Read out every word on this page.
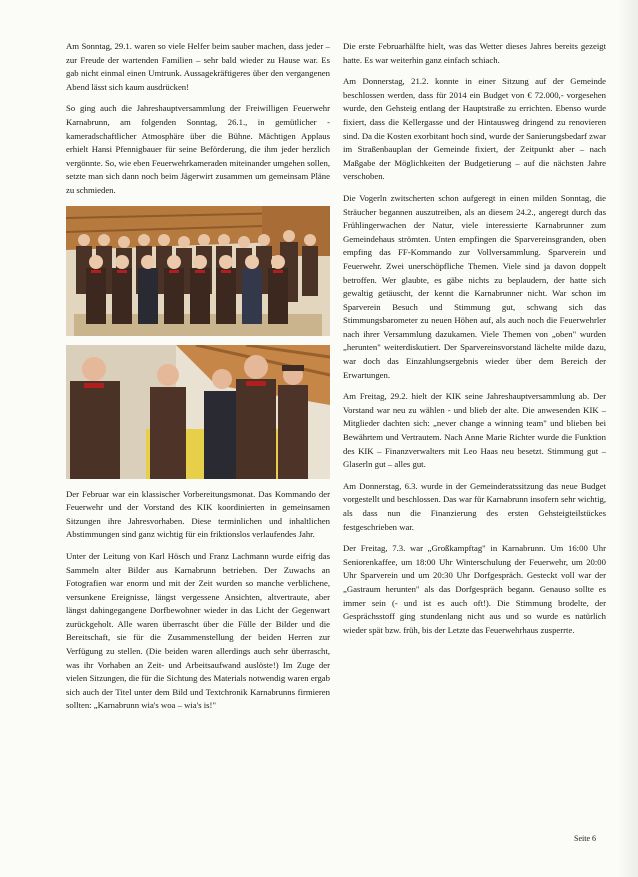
Am Sonntag, 29.1. waren so viele Helfer beim sauber machen, dass jeder – zur Freude der wartenden Familien – sehr bald wieder zu Hause war. Es gab nicht einmal einen Umtrunk. Aussagekräftigeres über den vergangenen Abend lässt sich kaum ausdrücken!

So ging auch die Jahreshauptversammlung der Freiwilligen Feuerwehr Karnabrunn, am folgenden Sonntag, 26.1., in gemütlicher - kameradschaftlicher Atmosphäre über die Bühne. Mächtigen Applaus erhielt Hansi Pfennigbauer für seine Beförderung, die ihm jeder herzlich vergönnte. So, wie eben Feuerwehrkameraden miteinander umgehen sollen, setzte man sich dann noch beim Jägerwirt zusammen um gemeinsam Pläne zu schmieden.

Der Februar war ein klassischer Vorbereitungsmonat. Das Kommando der Feuerwehr und der Vorstand des KIK koordinierten in gemeinsamen Sitzungen ihre Jahresvorhaben. Diese terminlichen und inhaltlichen Abstimmungen sind ganz wichtig für ein friktionslos verlaufendes Jahr.

Unter der Leitung von Karl Hösch und Franz Lachmann wurde eifrig das Sammeln alter Bilder aus Karnabrunn betrieben. Der Zuwachs an Fotografien war enorm und mit der Zeit wurden so manche verblichene, versunkene Ereignisse, längst vergessene Ansichten, altvertraute, aber längst dahingegangene Dorfbewohner wieder in das Licht der Gegenwart zurückgeholt. Alle waren überrascht über die Fülle der Bilder und die Bereitschaft, sie für die Zusammenstellung der beiden Herren zur Verfügung zu stellen. (Die beiden waren allerdings auch sehr überrascht, was ihr Vorhaben an Zeit- und Arbeitsaufwand auslöste!) Im Zuge der vielen Sitzungen, die für die Sichtung des Materials notwendig waren ergab sich auch der Titel unter dem Bild und Textchronik Karnabrunns firmieren sollten: „Karnabrunn wia's woa – wia's is!"

Die erste Februarhälfte hielt, was das Wetter dieses Jahres bereits gezeigt hatte. Es war weiterhin ganz einfach schiach.

Am Donnerstag, 21.2. konnte in einer Sitzung auf der Gemeinde beschlossen werden, dass für 2014 ein Budget von € 72.000,- vorgesehen wurde, den Gehsteig entlang der Hauptstraße zu errichten. Ebenso wurde fixiert, dass die Kellergasse und der Hintausweg dringend zu renovieren sind. Da die Kosten exorbitant hoch sind, wurde der Sanierungsbedarf zwar im Straßenbauplan der Gemeinde fixiert, der Zeitpunkt aber – nach Maßgabe der Möglichkeiten der Budgetierung – auf die nächsten Jahre verschoben.

Die Vogerln zwitscherten schon aufgeregt in einen milden Sonntag, die Sträucher begannen auszutreiben, als an diesem 24.2., angeregt durch das Frühlingerwachen der Natur, viele interessierte Karnabrunner zum Gemeindehaus strömten. Unten empfingen die Sparvereinsgranden, oben empfing das FF-Kommando zur Vollversammlung. Sparverein und Feuerwehr. Zwei unerschöpfliche Themen. Viele sind ja davon doppelt betroffen. Wer glaubte, es gäbe nichts zu beplaudern, der hatte sich gewaltig getäuscht, der kennt die Karnabrunner nicht. War schon im Sparverein Besuch und Stimmung gut, schwang sich das Stimmungsbarometer zu neuen Höhen auf, als auch noch die Feuerwehrler nach ihrer Versammlung dazukamen. Viele Themen von „oben" wurden „herunten" weiterdiskutiert. Der Sparvereinsvorstand lächelte milde dazu, war doch das Einzahlungsergebnis wieder über dem Bereich der Erwartungen.

Am Freitag, 29.2. hielt der KIK seine Jahreshauptversammlung ab. Der Vorstand war neu zu wählen - und blieb der alte. Die anwesenden KIK – Mitglieder dachten sich: „never change a winning team" und blieben bei Bewährtem und Vertrautem. Nach Anne Marie Richter wurde die Funktion des KIK – Finanzverwalters mit Leo Haas neu besetzt. Stimmung gut – Glaserln gut – alles gut.

Am Donnerstag, 6.3. wurde in der Gemeinderatssitzung das neue Budget vorgestellt und beschlossen. Das war für Karnabrunn insofern sehr wichtig, als dass nun die Finanzierung des ersten Gehsteigteilstückes festgeschrieben war.

Der Freitag, 7.3. war „Großkampftag" in Karnabrunn. Um 16:00 Uhr Seniorenkaffee, um 18:00 Uhr Winterschulung der Feuerwehr, um 20:00 Uhr Sparverein und um 20:30 Uhr Dorfgespräch. Gesteckt voll war der „Gastraum herunten" als das Dorfgespräch begann. Genauso sollte es immer sein (- und ist es auch oft!). Die Stimmung brodelte, der Gesprächsstoff ging stundenlang nicht aus und so wurde es natürlich wieder spät bzw. früh, bis der Letzte das Feuerwehrhaus zusperrte.

Seite 6
